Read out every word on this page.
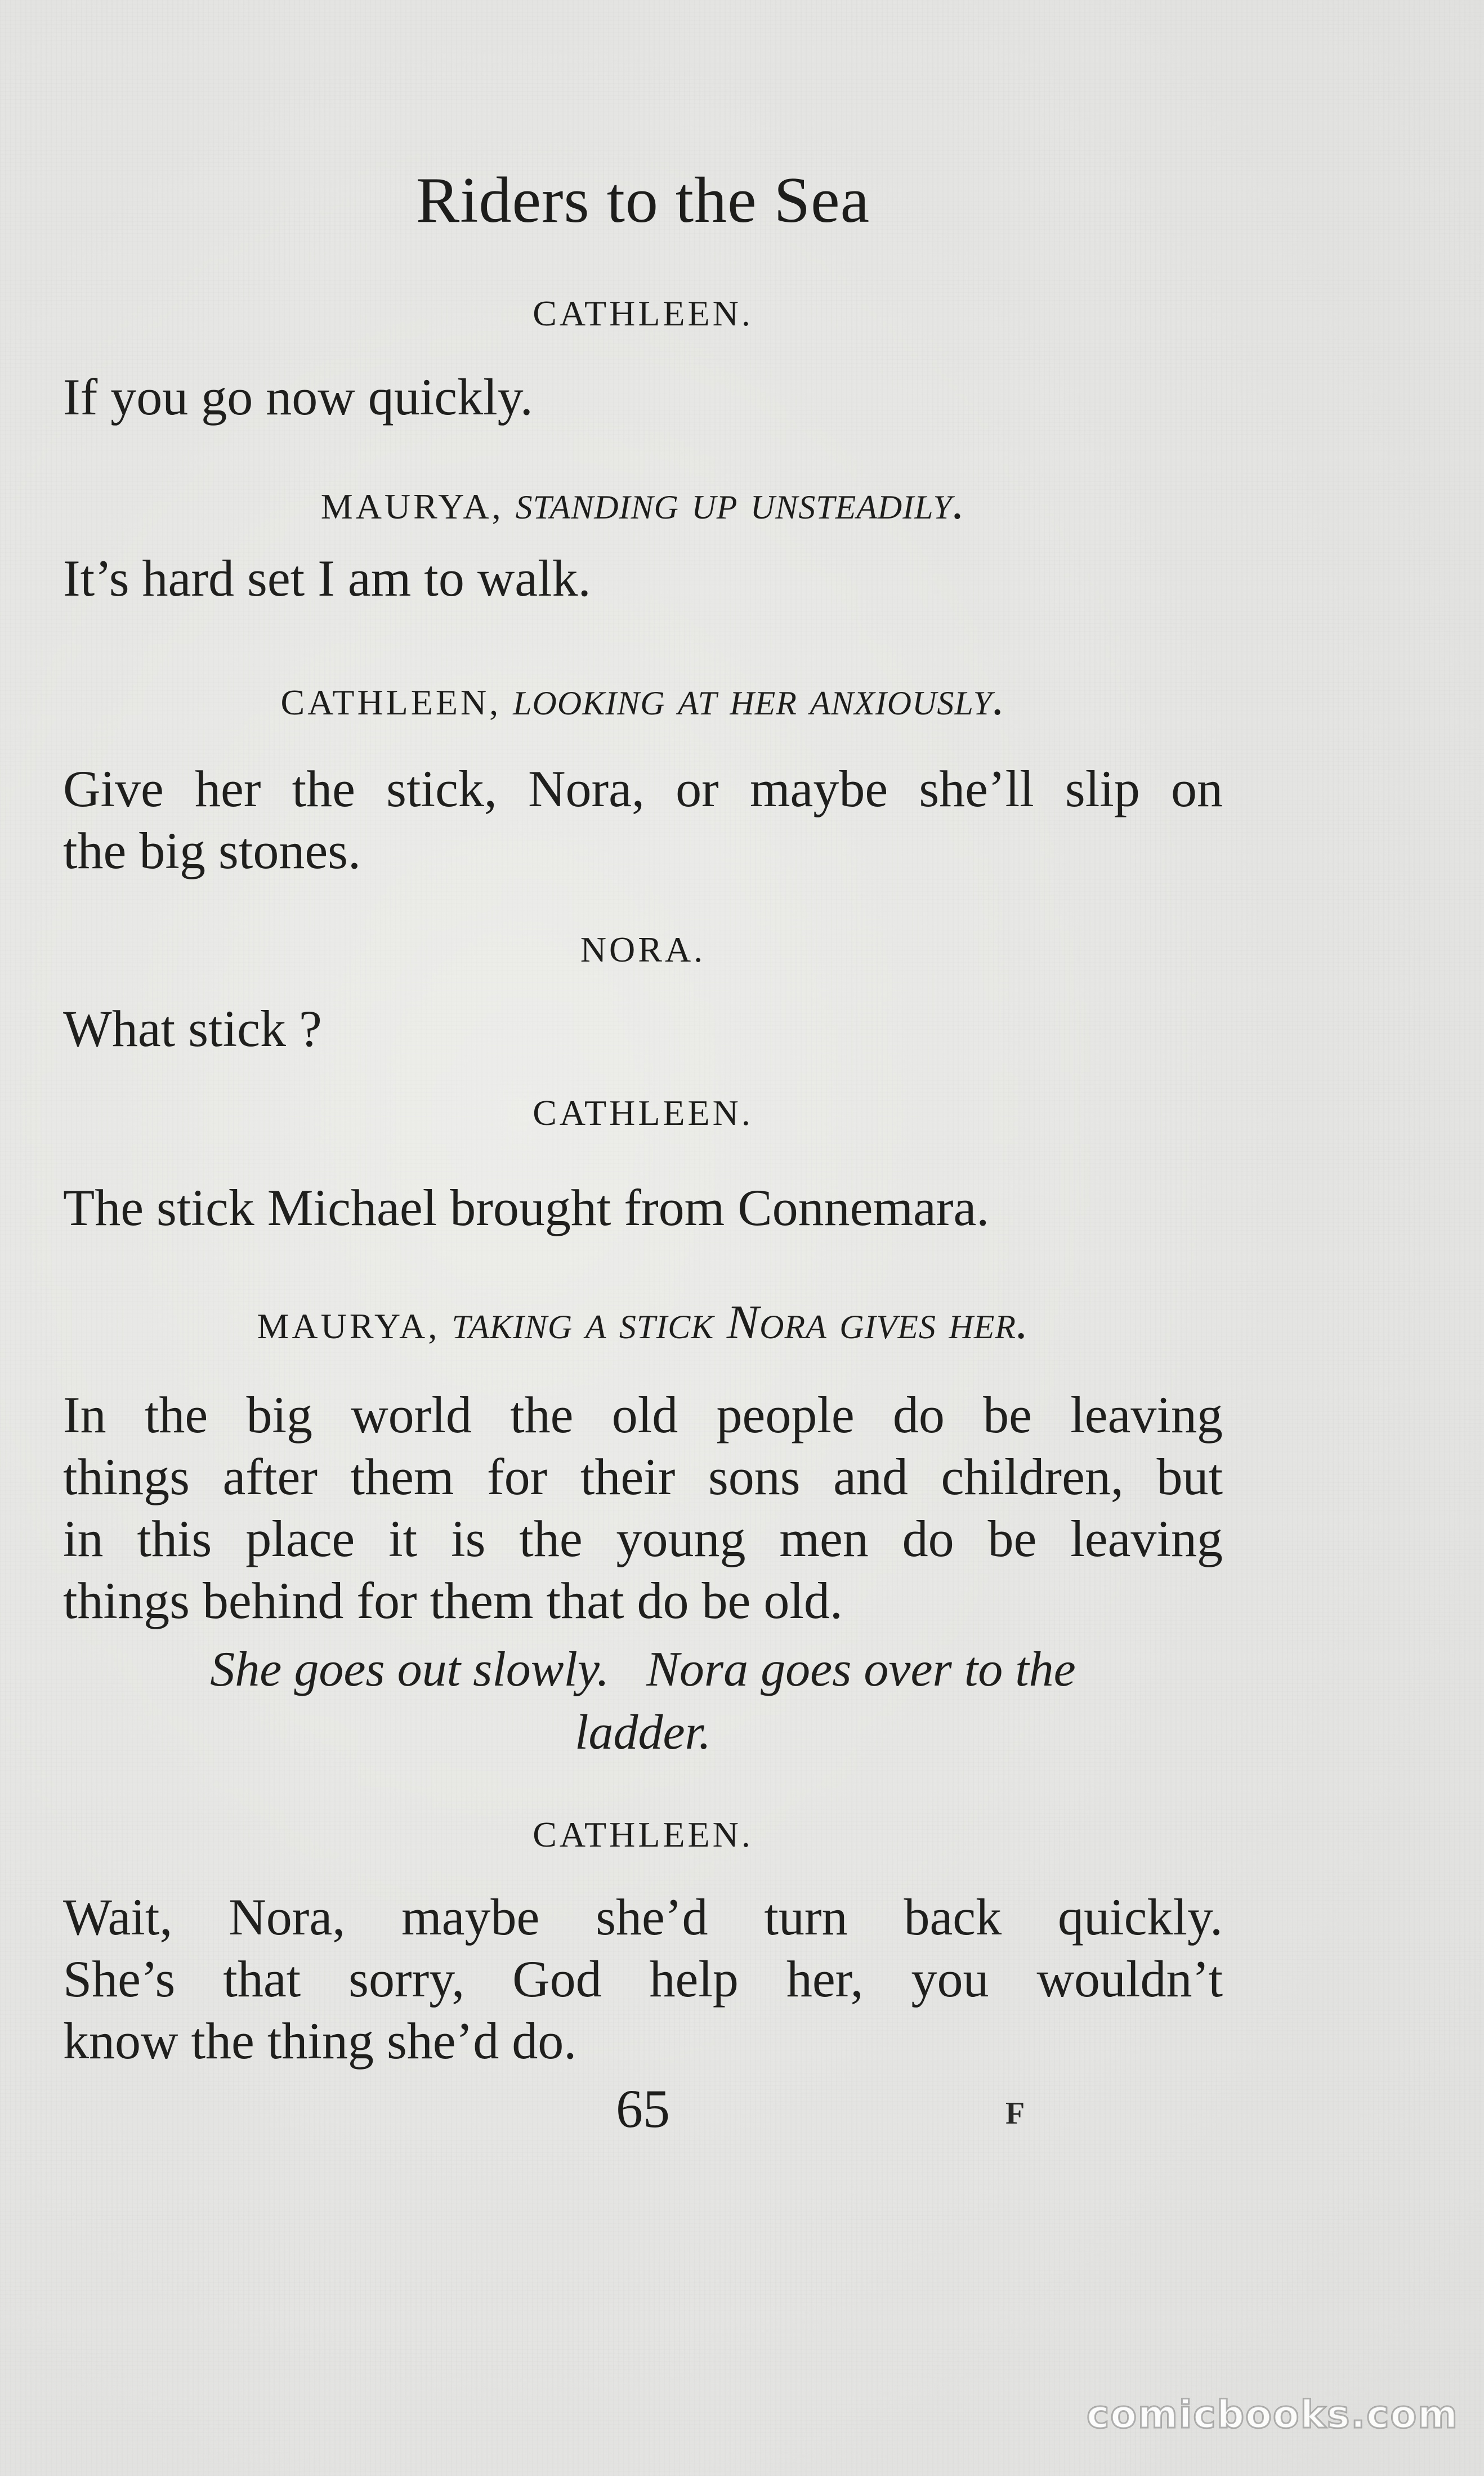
Riders to the Sea
CATHLEEN.
If you go now quickly.
MAURYA, standing up unsteadily.
It’s hard set I am to walk.
CATHLEEN, looking at her anxiously.
Give her the stick, Nora, or maybe she’ll slip on
the big stones.
NORA.
What stick ?
CATHLEEN.
The stick Michael brought from Connemara.
MAURYA, taking a stick Nora gives her.
In the big world the old people do be leaving
things after them for their sons and children, but
in this place it is the young men do be leaving
things behind for them that do be old.
She goes out slowly.   Nora goes over to the
ladder.
CATHLEEN.
Wait, Nora, maybe she’d turn back quickly.
She’s that sorry, God help her, you wouldn’t
know the thing she’d do.
65	F
comicbooks.com
